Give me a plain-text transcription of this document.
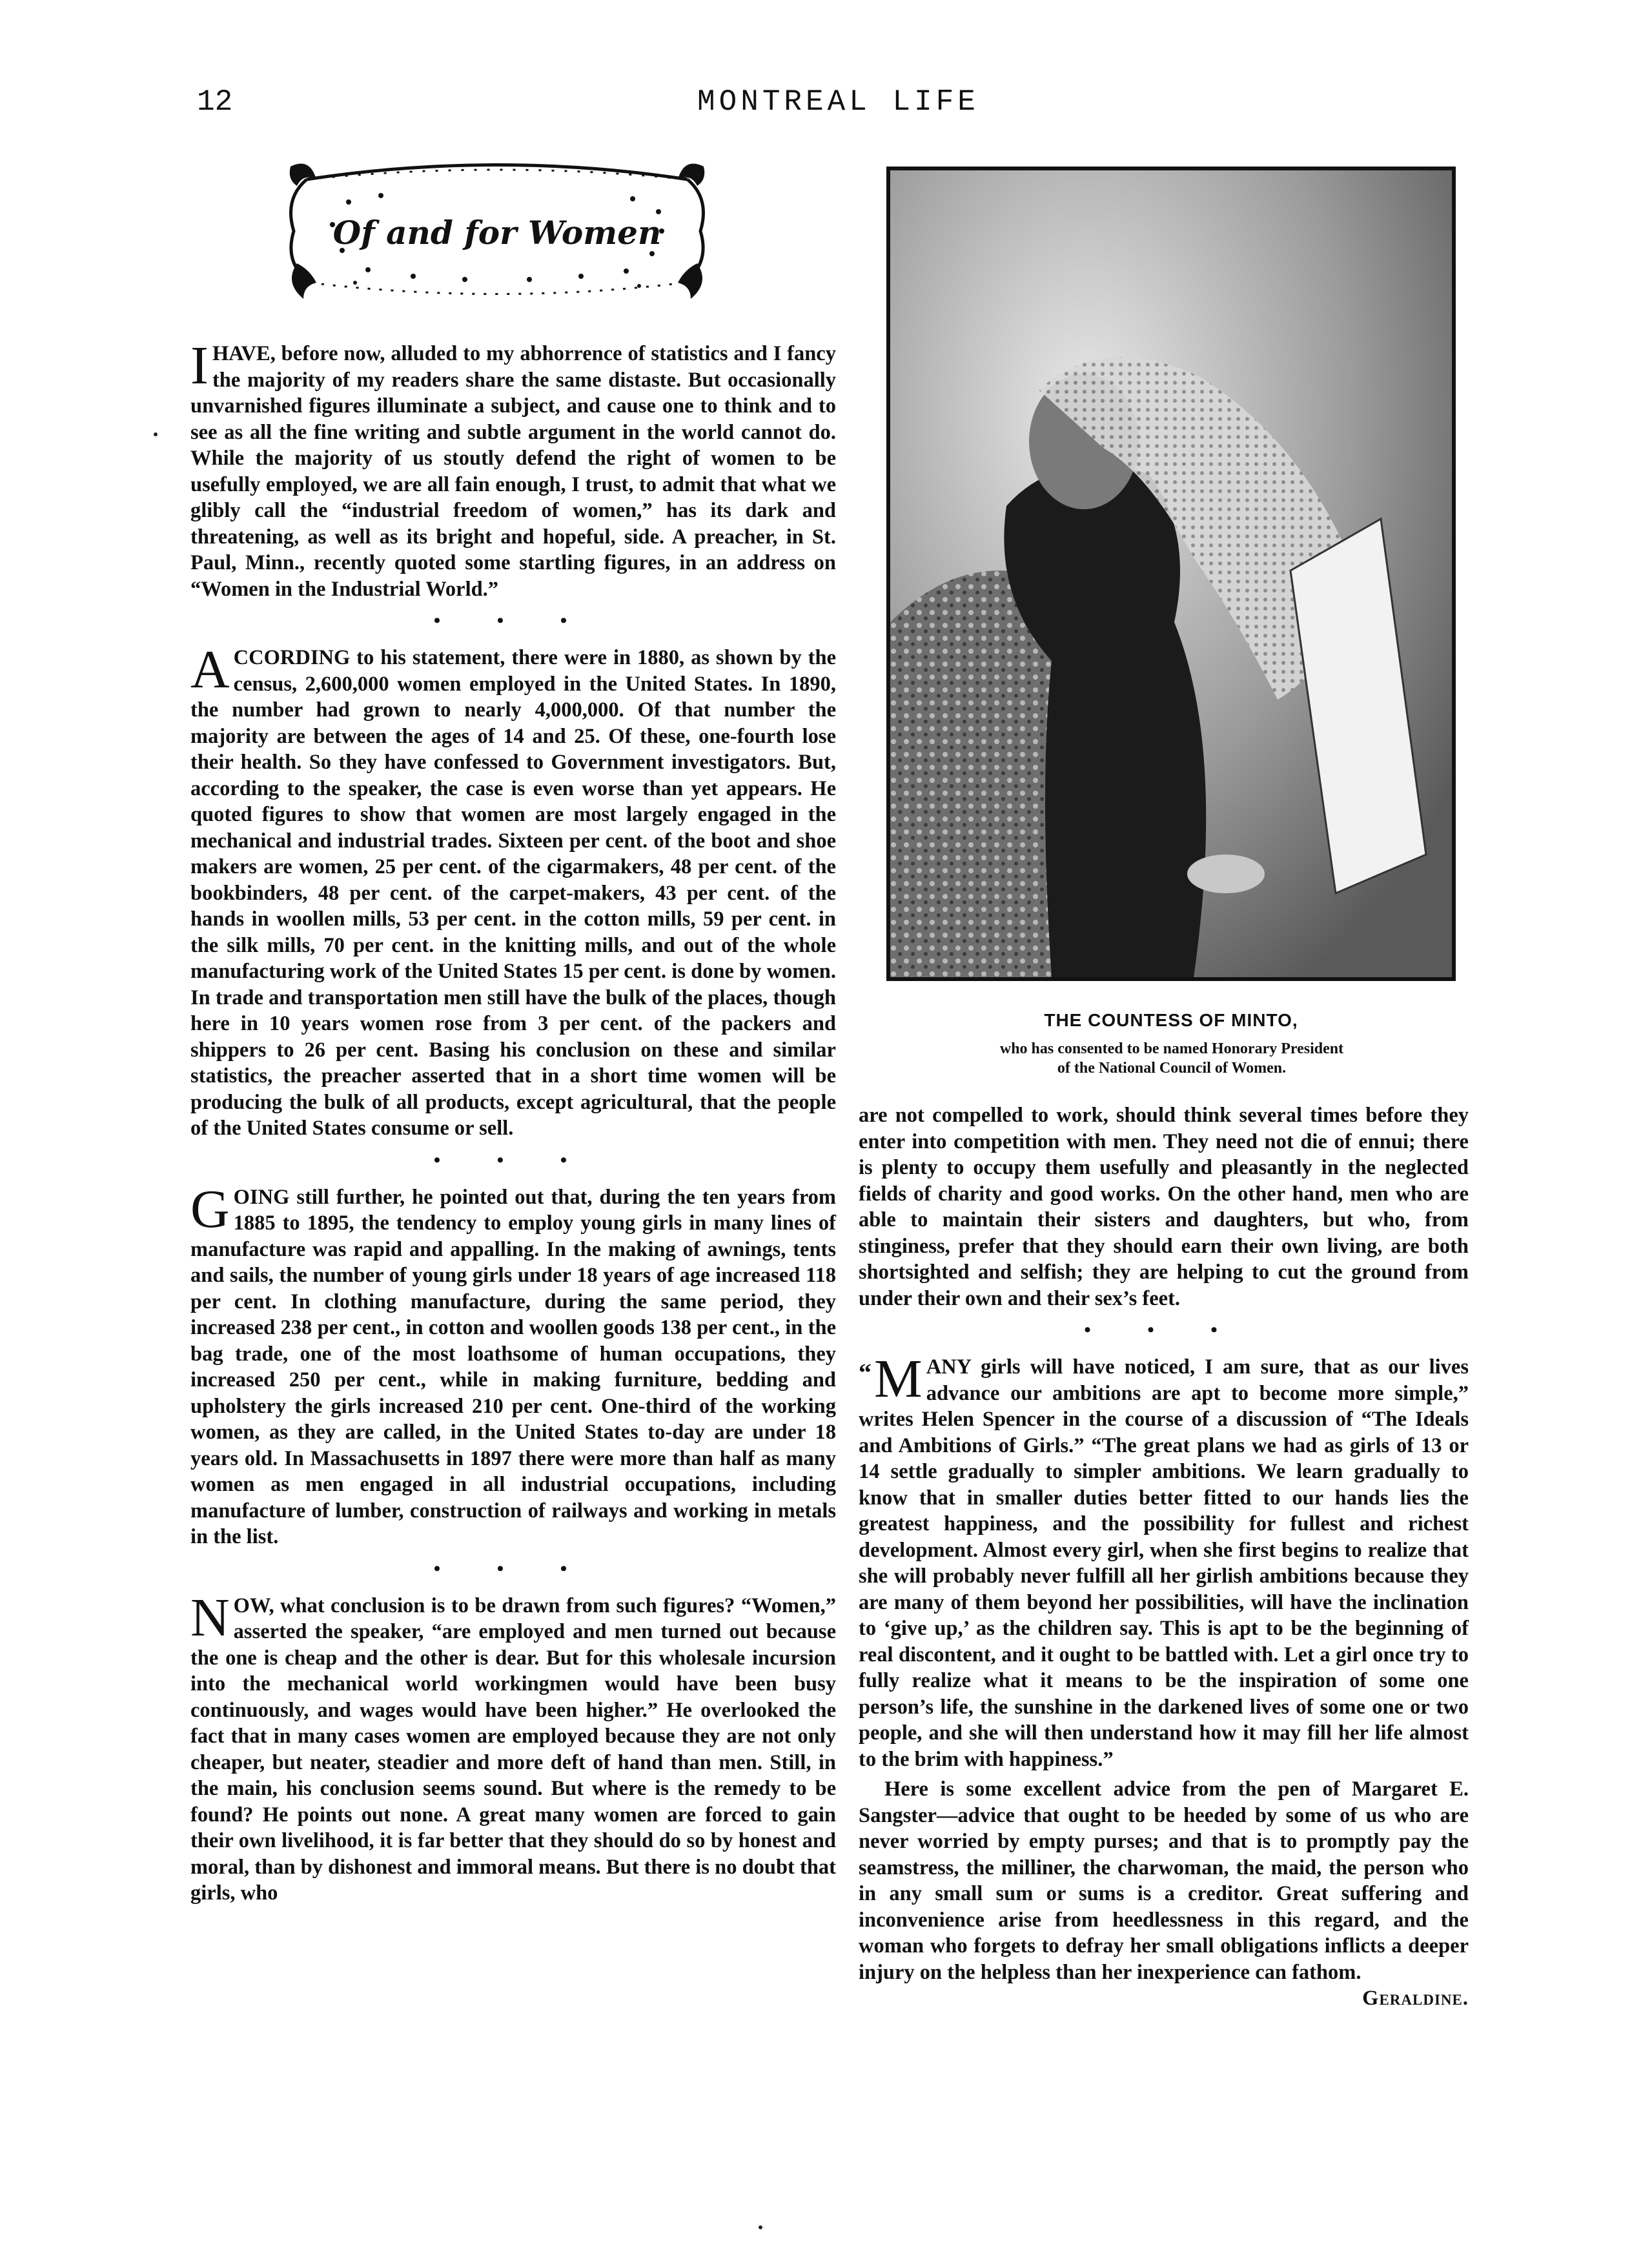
12	MONTREAL LIFE
Of and for Women

IHAVE, before now, alluded to my abhorrence of statistics and I fancy the majority of my readers share the same distaste. But occasionally unvarnished figures illuminate a subject, and cause one to think and to see as all the fine writing and subtle argument in the world cannot do. While the majority of us stoutly defend the right of women to be usefully employed, we are all fain enough, I trust, to admit that what we glibly call the “industrial freedom of women,” has its dark and threatening, as well as its bright and hopeful, side. A preacher, in St. Paul, Minn., recently quoted some startling figures, in an address on “Women in the Industrial World.”

• • •

ACCORDING to his statement, there were in 1880, as shown by the census, 2,600,000 women employed in the United States. In 1890, the number had grown to nearly 4,000,000. Of that number the majority are between the ages of 14 and 25. Of these, one-fourth lose their health. So they have confessed to Government investigators. But, according to the speaker, the case is even worse than yet appears. He quoted figures to show that women are most largely engaged in the mechanical and industrial trades. Sixteen per cent. of the boot and shoe makers are women, 25 per cent. of the cigarmakers, 48 per cent. of the bookbinders, 48 per cent. of the carpet-makers, 43 per cent. of the hands in woollen mills, 53 per cent. in the cotton mills, 59 per cent. in the silk mills, 70 per cent. in the knitting mills, and out of the whole manufacturing work of the United States 15 per cent. is done by women. In trade and transportation men still have the bulk of the places, though here in 10 years women rose from 3 per cent. of the packers and shippers to 26 per cent. Basing his conclusion on these and similar statistics, the preacher asserted that in a short time women will be producing the bulk of all products, except agricultural, that the people of the United States consume or sell.

• • •

GOING still further, he pointed out that, during the ten years from 1885 to 1895, the tendency to employ young girls in many lines of manufacture was rapid and appalling. In the making of awnings, tents and sails, the number of young girls under 18 years of age increased 118 per cent. In clothing manufacture, during the same period, they increased 238 per cent., in cotton and woollen goods 138 per cent., in the bag trade, one of the most loathsome of human occupations, they increased 250 per cent., while in making furniture, bedding and upholstery the girls increased 210 per cent. One-third of the working women, as they are called, in the United States to-day are under 18 years old. In Massachusetts in 1897 there were more than half as many women as men engaged in all industrial occupations, including manufacture of lumber, construction of railways and working in metals in the list.

• • •

NOW, what conclusion is to be drawn from such figures? “Women,” asserted the speaker, “are employed and men turned out because the one is cheap and the other is dear. But for this wholesale incursion into the mechanical world workingmen would have been busy continuously, and wages would have been higher.” He overlooked the fact that in many cases women are employed because they are not only cheaper, but neater, steadier and more deft of hand than men. Still, in the main, his conclusion seems sound. But where is the remedy to be found? He points out none. A great many women are forced to gain their own livelihood, it is far better that they should do so by honest and moral, than by dishonest and immoral means. But there is no doubt that girls, who

THE COUNTESS OF MINTO,
who has consented to be named Honorary President
of the National Council of Women.

are not compelled to work, should think several times before they enter into competition with men. They need not die of ennui; there is plenty to occupy them usefully and pleasantly in the neglected fields of charity and good works. On the other hand, men who are able to maintain their sisters and daughters, but who, from stinginess, prefer that they should earn their own living, are both shortsighted and selfish; they are helping to cut the ground from under their own and their sex’s feet.

• • •

“ M ANY girls will have noticed, I am sure, that as our lives advance our ambitions are apt to become more simple,” writes Helen Spencer in the course of a discussion of “The Ideals and Ambitions of Girls.” “The great plans we had as girls of 13 or 14 settle gradually to simpler ambitions. We learn gradually to know that in smaller duties better fitted to our hands lies the greatest happiness, and the possibility for fullest and richest development. Almost every girl, when she first begins to realize that she will probably never fulfill all her girlish ambitions because they are many of them beyond her possibilities, will have the inclination to ‘give up,’ as the children say. This is apt to be the beginning of real discontent, and it ought to be battled with. Let a girl once try to fully realize what it means to be the inspiration of some one person’s life, the sunshine in the darkened lives of some one or two people, and she will then understand how it may fill her life almost to the brim with happiness.”

Here is some excellent advice from the pen of Margaret E. Sangster—advice that ought to be heeded by some of us who are never worried by empty purses; and that is to promptly pay the seamstress, the milliner, the charwoman, the maid, the person who in any small sum or sums is a creditor. Great suffering and inconvenience arise from heedlessness in this regard, and the woman who forgets to defray her small obligations inflicts a deeper injury on the helpless than her inexperience can fathom.
Geraldine.
